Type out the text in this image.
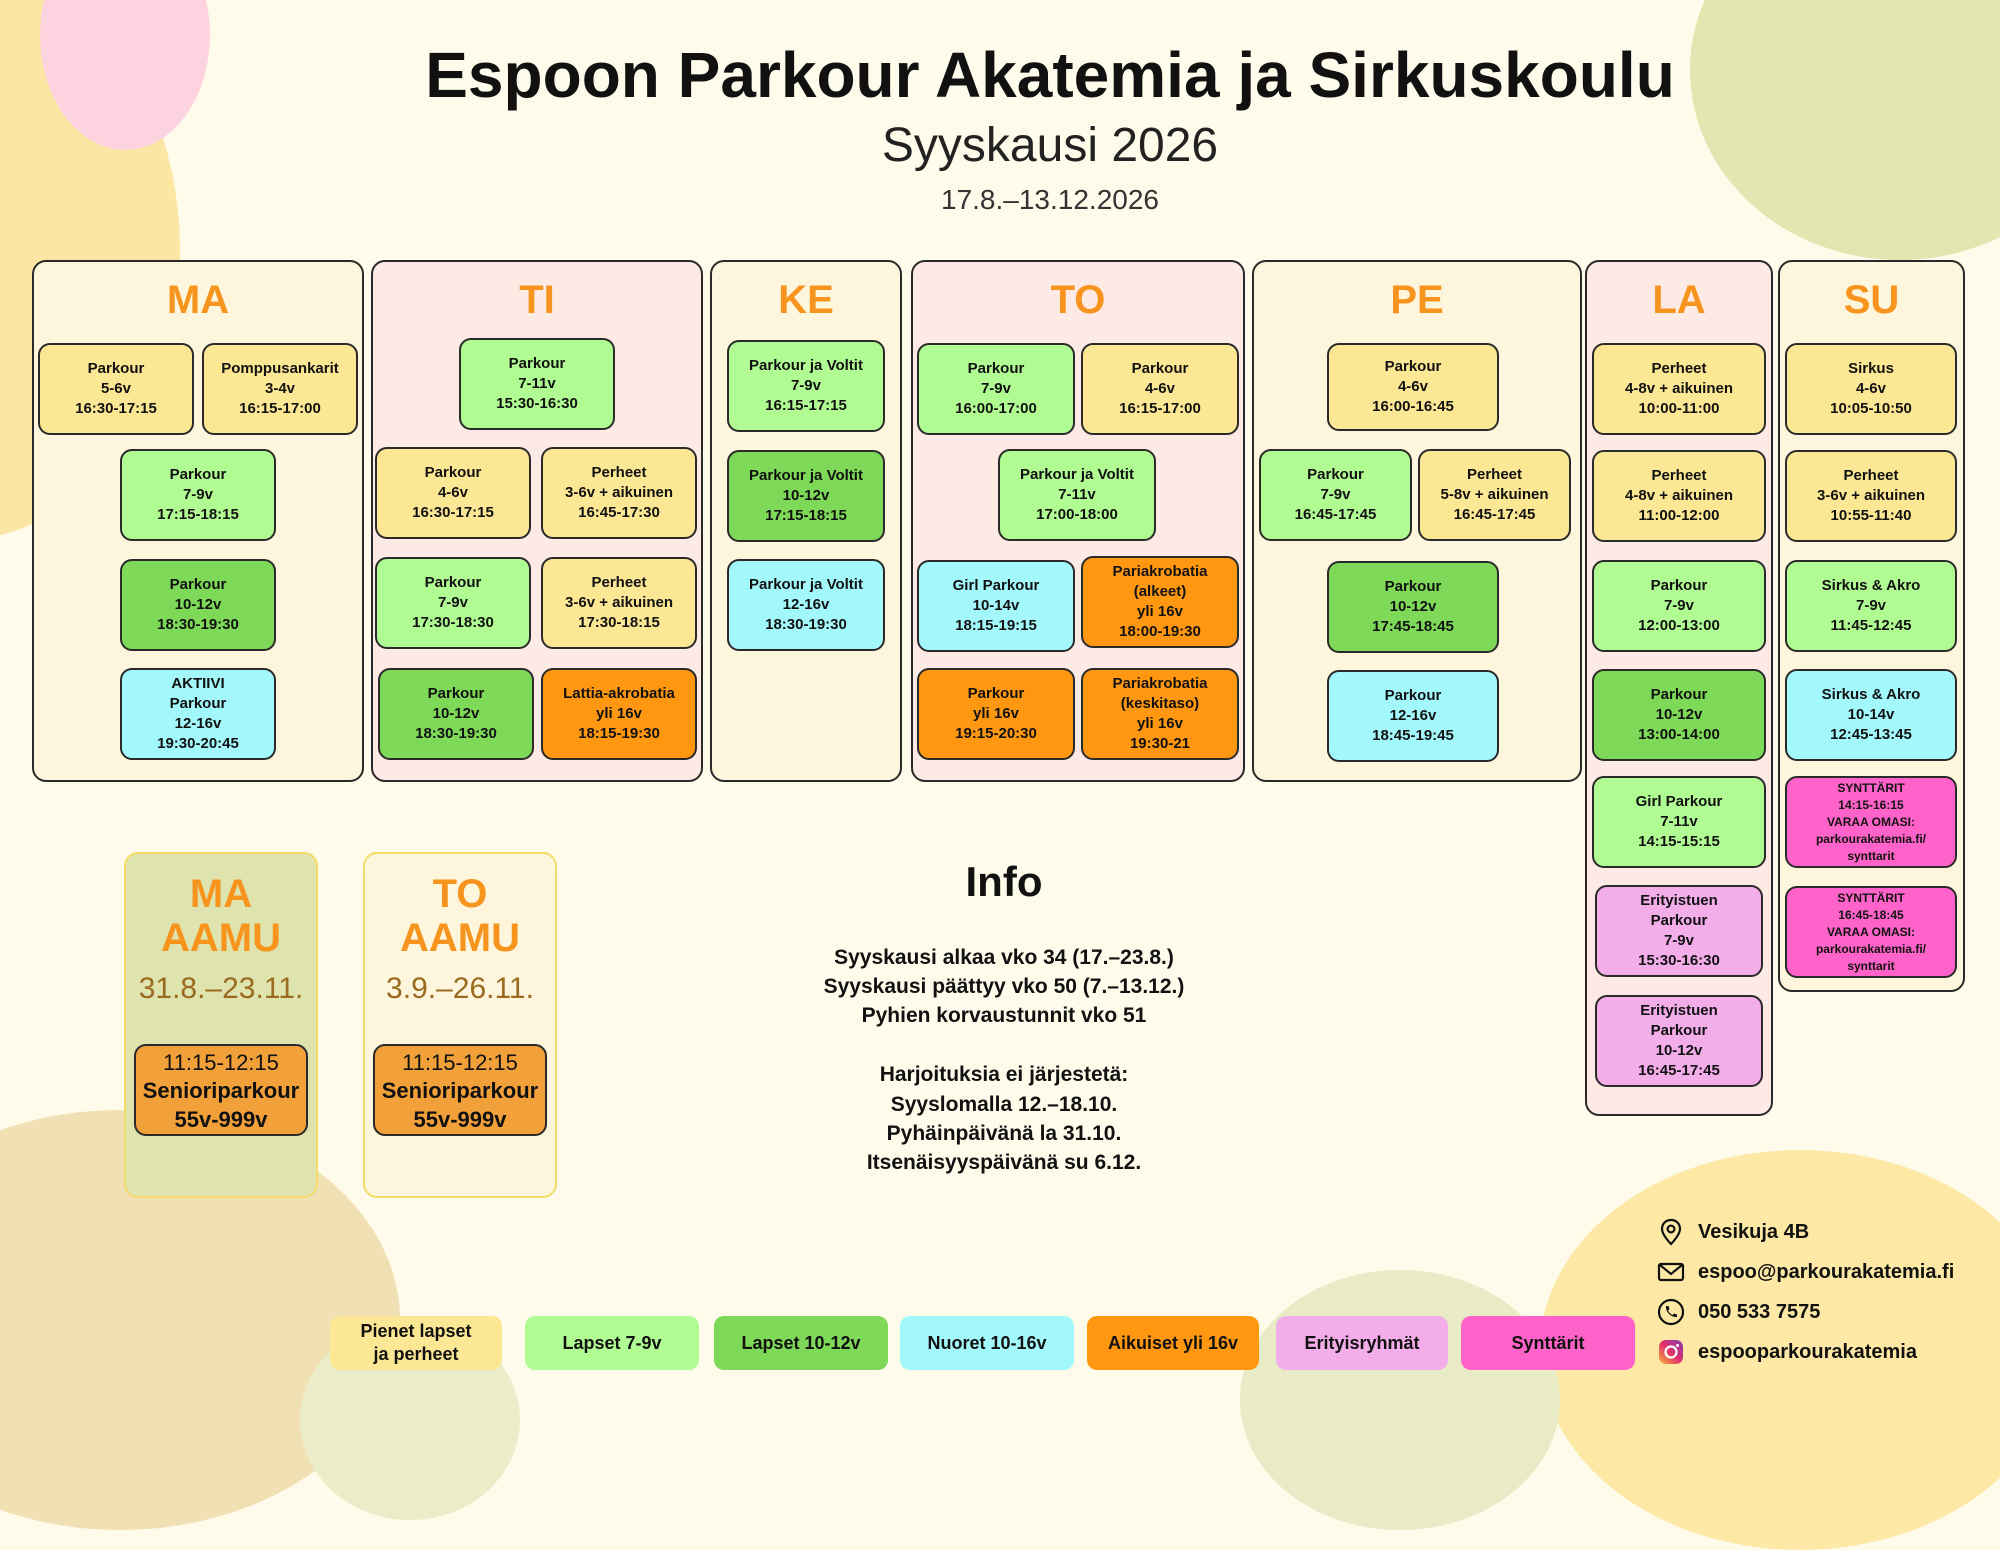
Espoon Parkour Akatemia ja Sirkuskoulu
Syyskausi 2026
17.8.–13.12.2026
MA
Parkour
5-6v
16:30-17:15
Pomppusankarit
3-4v
16:15-17:00
Parkour
7-9v
17:15-18:15
Parkour
10-12v
18:30-19:30
AKTIIVI
Parkour
12-16v
19:30-20:45
TI
Parkour
7-11v
15:30-16:30
Parkour
4-6v
16:30-17:15
Perheet
3-6v + aikuinen
16:45-17:30
Parkour
7-9v
17:30-18:30
Perheet
3-6v + aikuinen
17:30-18:15
Parkour
10-12v
18:30-19:30
Lattia-akrobatia
yli 16v
18:15-19:30
KE
Parkour ja Voltit
7-9v
16:15-17:15
Parkour ja Voltit
10-12v
17:15-18:15
Parkour ja Voltit
12-16v
18:30-19:30
TO
Parkour
7-9v
16:00-17:00
Parkour
4-6v
16:15-17:00
Parkour ja Voltit
7-11v
17:00-18:00
Girl Parkour
10-14v
18:15-19:15
Pariakrobatia
(alkeet)
yli 16v
18:00-19:30
Parkour
yli 16v
19:15-20:30
Pariakrobatia
(keskitaso)
yli 16v
19:30-21
PE
Parkour
4-6v
16:00-16:45
Parkour
7-9v
16:45-17:45
Perheet
5-8v + aikuinen
16:45-17:45
Parkour
10-12v
17:45-18:45
Parkour
12-16v
18:45-19:45
LA
Perheet
4-8v + aikuinen
10:00-11:00
Perheet
4-8v + aikuinen
11:00-12:00
Parkour
7-9v
12:00-13:00
Parkour
10-12v
13:00-14:00
Girl Parkour
7-11v
14:15-15:15
Erityistuen
Parkour
7-9v
15:30-16:30
Erityistuen
Parkour
10-12v
16:45-17:45
SU
Sirkus
4-6v
10:05-10:50
Perheet
3-6v + aikuinen
10:55-11:40
Sirkus & Akro
7-9v
11:45-12:45
Sirkus & Akro
10-14v
12:45-13:45
SYNTTÄRIT
14:15-16:15
VARAA OMASI:
parkourakatemia.fi/
synttarit
SYNTTÄRIT
16:45-18:45
VARAA OMASI:
parkourakatemia.fi/
synttarit
MA
AAMU
31.8.–23.11.
11:15-12:15
Senioriparkour
55v-999v
TO
AAMU
3.9.–26.11.
11:15-12:15
Senioriparkour
55v-999v
Info
Syyskausi alkaa vko 34 (17.–23.8.)
Syyskausi päättyy vko 50 (7.–13.12.)
Pyhien korvaustunnit vko 51
Harjoituksia ei järjestetä:
Syyslomalla 12.–18.10.
Pyhäinpäivänä la 31.10.
Itsenäisyyspäivänä su 6.12.
Pienet lapset
ja perheet
Lapset 7-9v	Lapset 10-12v	Nuoret 10-16v	Aikuiset yli 16v	Erityisryhmät	Synttärit
Vesikuja 4B
espoo@parkourakatemia.fi
050 533 7575
espooparkourakatemia
